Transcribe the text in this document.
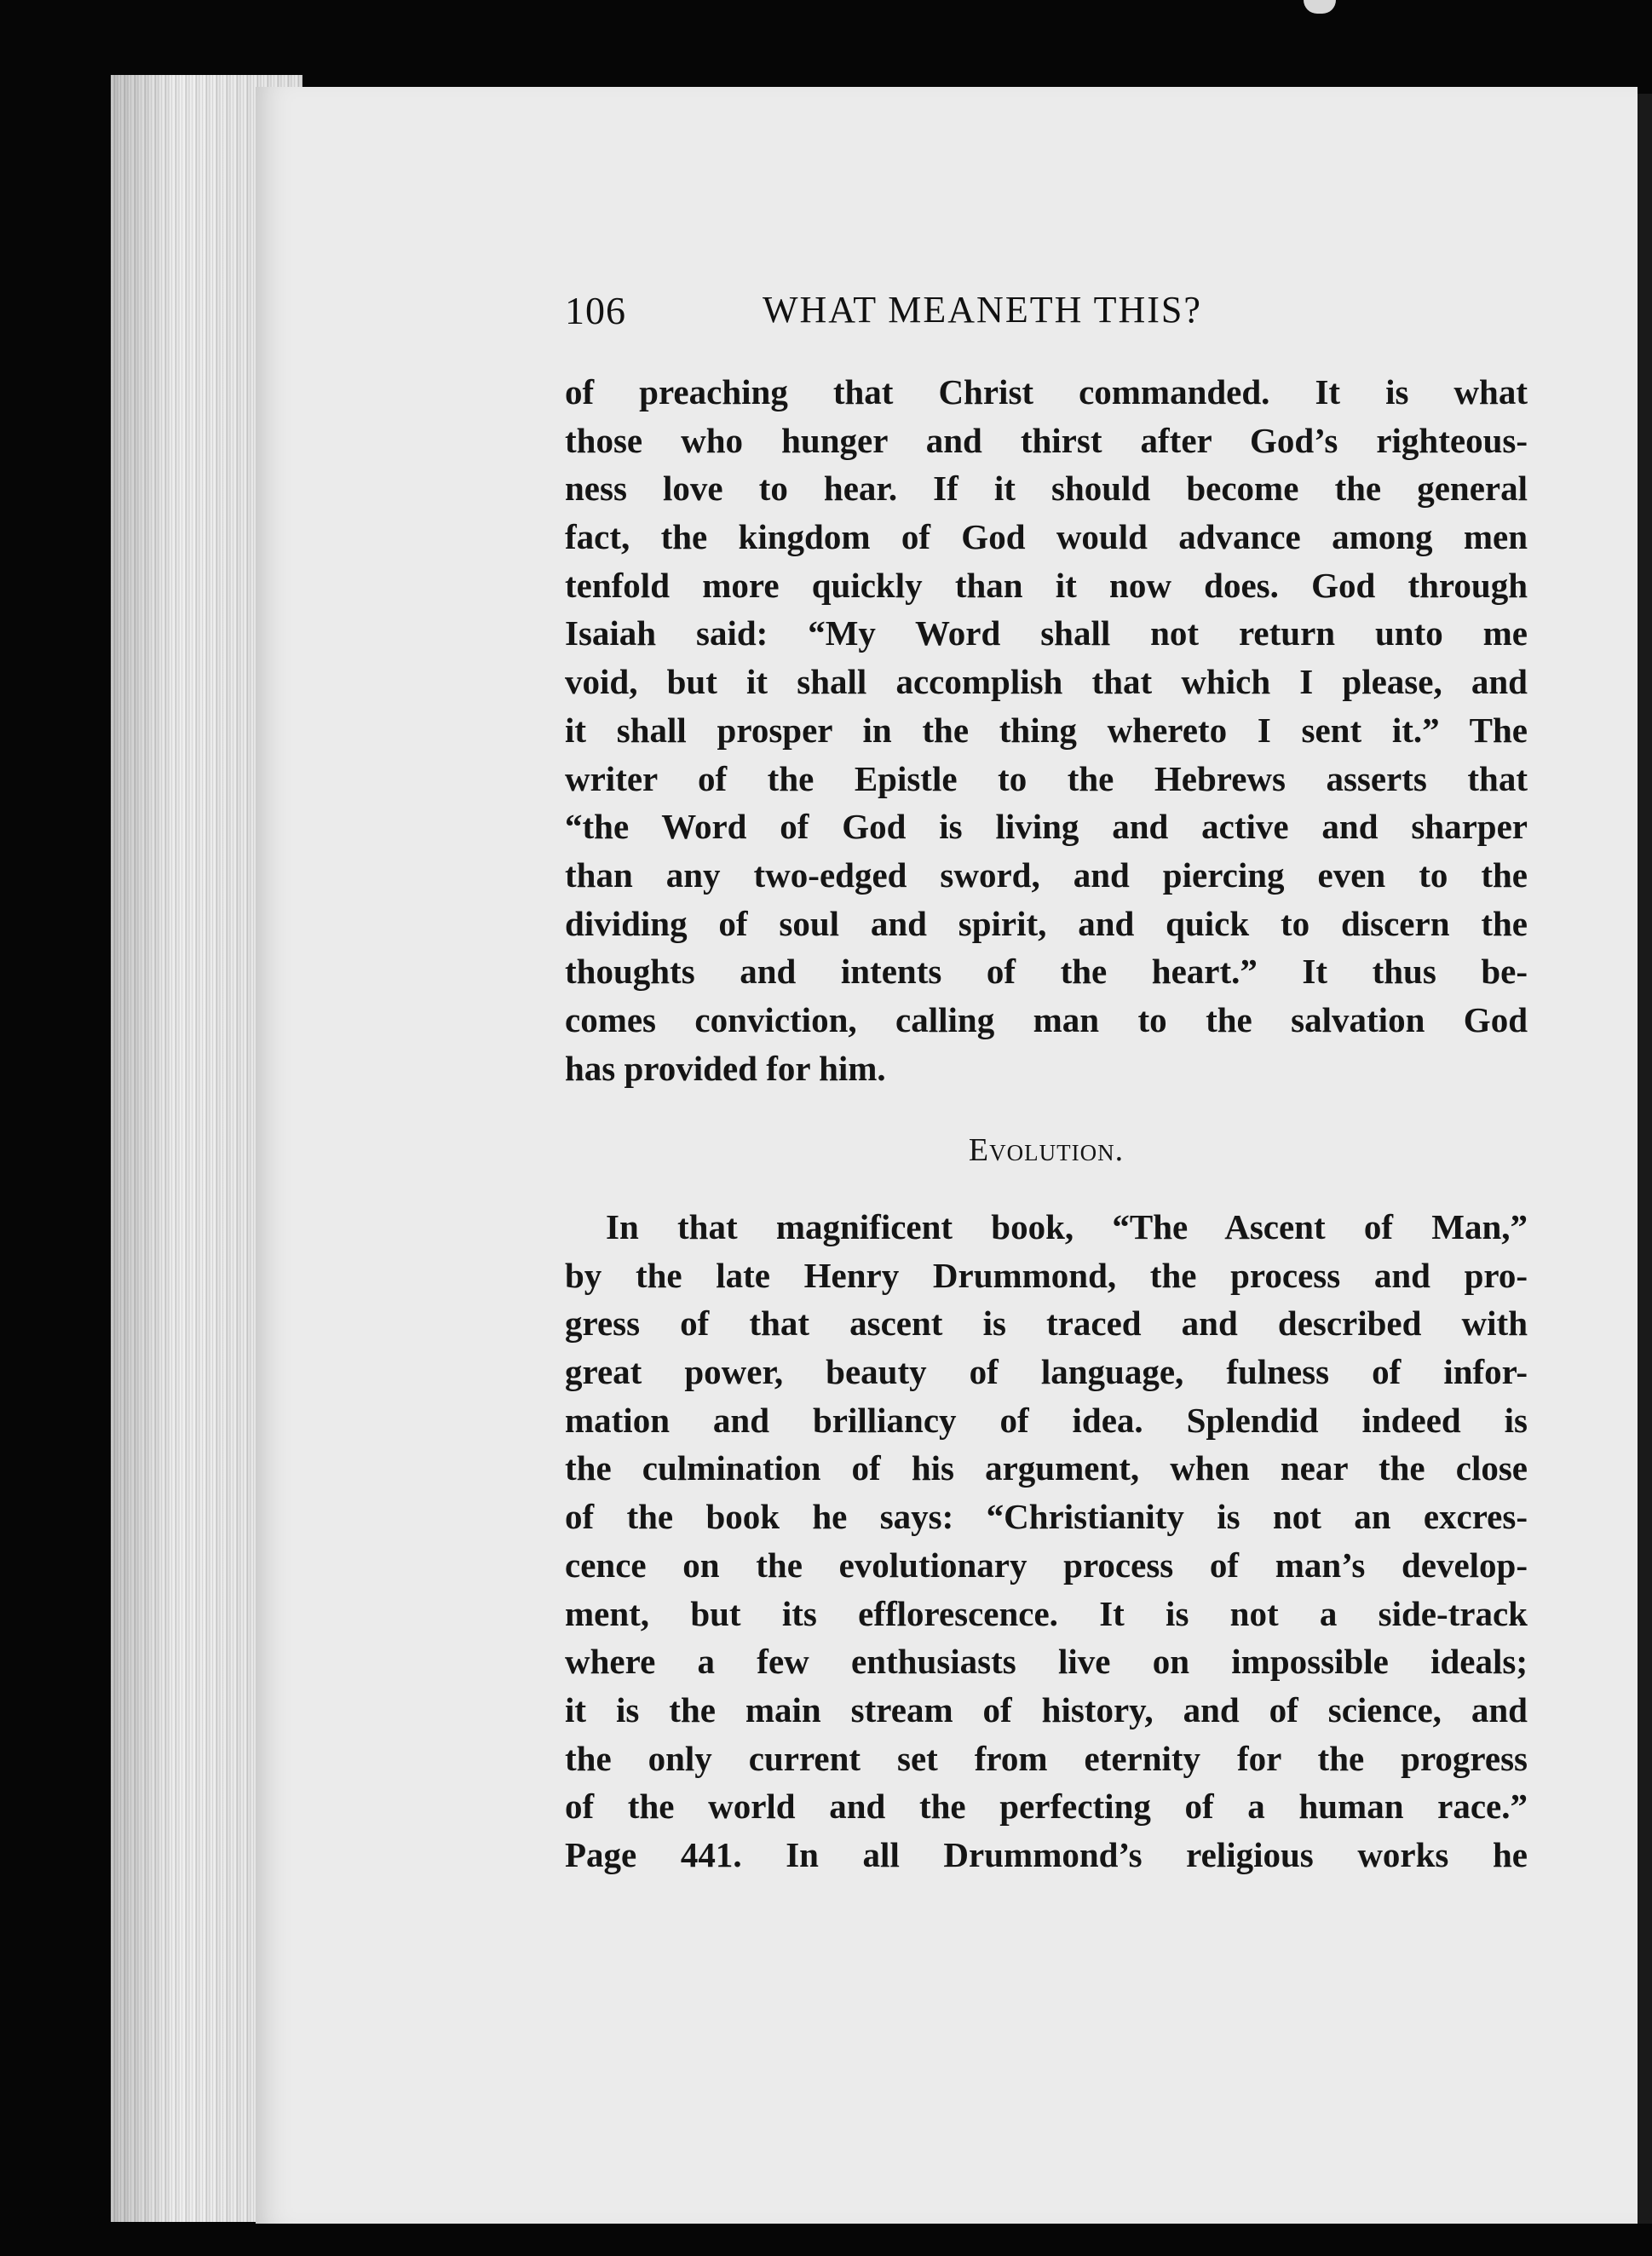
106	WHAT MEANETH THIS?
of preaching that Christ commanded. It is what
those who hunger and thirst after God’s righteous-
ness love to hear. If it should become the general
fact, the kingdom of God would advance among men
tenfold more quickly than it now does. God through
Isaiah said: “My Word shall not return unto me
void, but it shall accomplish that which I please, and
it shall prosper in the thing whereto I sent it.” The
writer of the Epistle to the Hebrews asserts that
“the Word of God is living and active and sharper
than any two-edged sword, and piercing even to the
dividing of soul and spirit, and quick to discern the
thoughts and intents of the heart.” It thus be-
comes conviction, calling man to the salvation God
has provided for him.
Evolution.
In that magnificent book, “The Ascent of Man,”
by the late Henry Drummond, the process and pro-
gress of that ascent is traced and described with
great power, beauty of language, fulness of infor-
mation and brilliancy of idea. Splendid indeed is
the culmination of his argument, when near the close
of the book he says: “Christianity is not an excres-
cence on the evolutionary process of man’s develop-
ment, but its efflorescence. It is not a side-track
where a few enthusiasts live on impossible ideals;
it is the main stream of history, and of science, and
the only current set from eternity for the progress
of the world and the perfecting of a human race.”
Page 441. In all Drummond’s religious works he
